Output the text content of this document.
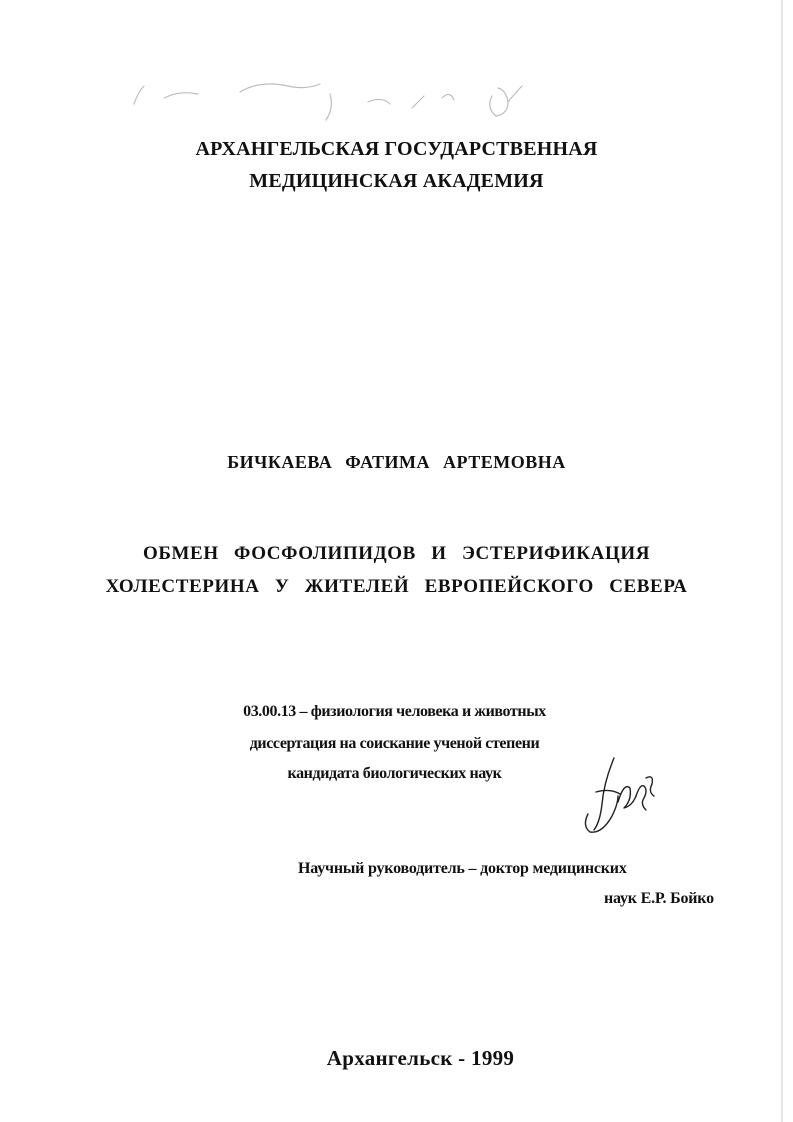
АРХАНГЕЛЬСКАЯ ГОСУДАРСТВЕННАЯ
МЕДИЦИНСКАЯ АКАДЕМИЯ
БИЧКАЕВА ФАТИМА АРТЕМОВНА
ОБМЕН ФОСФОЛИПИДОВ И ЭСТЕРИФИКАЦИЯ
ХОЛЕСТЕРИНА У ЖИТЕЛЕЙ ЕВРОПЕЙСКОГО СЕВЕРА
03.00.13 – физиология человека и животных
диссертация на соискание ученой степени
кандидата биологических наук
Научный руководитель – доктор медицинских
наук Е.Р. Бойко
Архангельск - 1999
